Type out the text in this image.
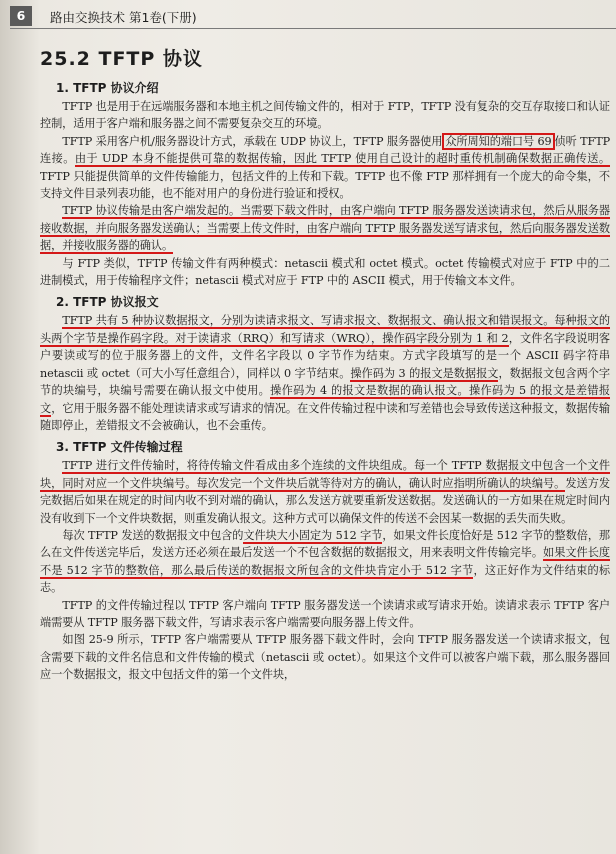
6	路由交换技术 第1卷(下册)
25.2 TFTP 协议
1. TFTP 协议介绍

TFTP 也是用于在远端服务器和本地主机之间传输文件的，相对于 FTP，TFTP 没有复杂的交互存取接口和认证控制，适用于客户端和服务器之间不需要复杂交互的环境。

TFTP 采用客户机/服务器设计方式，承载在 UDP 协议上，TFTP 服务器使用 众所周知的端口号 69 侦听 TFTP 连接。由于 UDP 本身不能提供可靠的数据传输，因此 TFTP 使用自己设计的超时重传机制确保数据正确传送。TFTP 只能提供简单的文件传输能力，包括文件的上传和下载。TFTP 也不像 FTP 那样拥有一个庞大的命令集，不支持文件目录列表功能，也不能对用户的身份进行验证和授权。

TFTP 协议传输是由客户端发起的。当需要下载文件时，由客户端向 TFTP 服务器发送读请求包，然后从服务器接收数据，并向服务器发送确认；当需要上传文件时，由客户端向 TFTP 服务器发送写请求包，然后向服务器发送数据，并接收服务器的确认。

与 FTP 类似，TFTP 传输文件有两种模式：netascii 模式和 octet 模式。octet 传输模式对应于 FTP 中的二进制模式，用于传输程序文件；netascii 模式对应于 FTP 中的 ASCII 模式，用于传输文本文件。

2. TFTP 协议报文

TFTP 共有 5 种协议数据报文，分别为读请求报文、写请求报文、数据报文、确认报文和错误报文。每种报文的头两个字节是操作码字段。对于读请求（RRQ）和写请求（WRQ），操作码字段分别为 1 和 2，文件名字段说明客户要读或写的位于服务器上的文件，文件名字段以 0 字节作为结束。方式字段填写的是一个 ASCII 码字符串 netascii 或 octet（可大小写任意组合），同样以 0 字节结束。操作码为 3 的报文是数据报文，数据报文包含两个字节的块编号，块编号需要在确认报文中使用。操作码为 4 的报文是数据的确认报文。操作码为 5 的报文是差错报文，它用于服务器不能处理读请求或写请求的情况。在文件传输过程中读和写差错也会导致传送这种报文，数据传输随即停止，差错报文不会被确认，也不会重传。

3. TFTP 文件传输过程

TFTP 进行文件传输时，将待传输文件看成由多个连续的文件块组成。每一个 TFTP 数据报文中包含一个文件块，同时对应一个文件块编号。每次发完一个文件块后就等待对方的确认，确认时应指明所确认的块编号。发送方发完数据后如果在规定的时间内收不到对端的确认，那么发送方就要重新发送数据。发送确认的一方如果在规定时间内没有收到下一个文件块数据，则重发确认报文。这种方式可以确保文件的传送不会因某一数据的丢失而失败。

每次 TFTP 发送的数据报文中包含的文件块大小固定为 512 字节，如果文件长度恰好是 512 字节的整数倍，那么在文件传送完毕后，发送方还必须在最后发送一个不包含数据的数据报文，用来表明文件传输完毕。如果文件长度不是 512 字节的整数倍，那么最后传送的数据报文所包含的文件块肯定小于 512 字节，这正好作为文件结束的标志。

TFTP 的文件传输过程以 TFTP 客户端向 TFTP 服务器发送一个读请求或写请求开始。读请求表示 TFTP 客户端需要从 TFTP 服务器下载文件，写请求表示客户端需要向服务器上传文件。

如图 25-9 所示，TFTP 客户端需要从 TFTP 服务器下载文件时，会向 TFTP 服务器发送一个读请求报文，包含需要下载的文件名信息和文件传输的模式（netascii 或 octet）。如果这个文件可以被客户端下载，那么服务器回应一个数据报文，报文中包括文件的第一个文件块，
